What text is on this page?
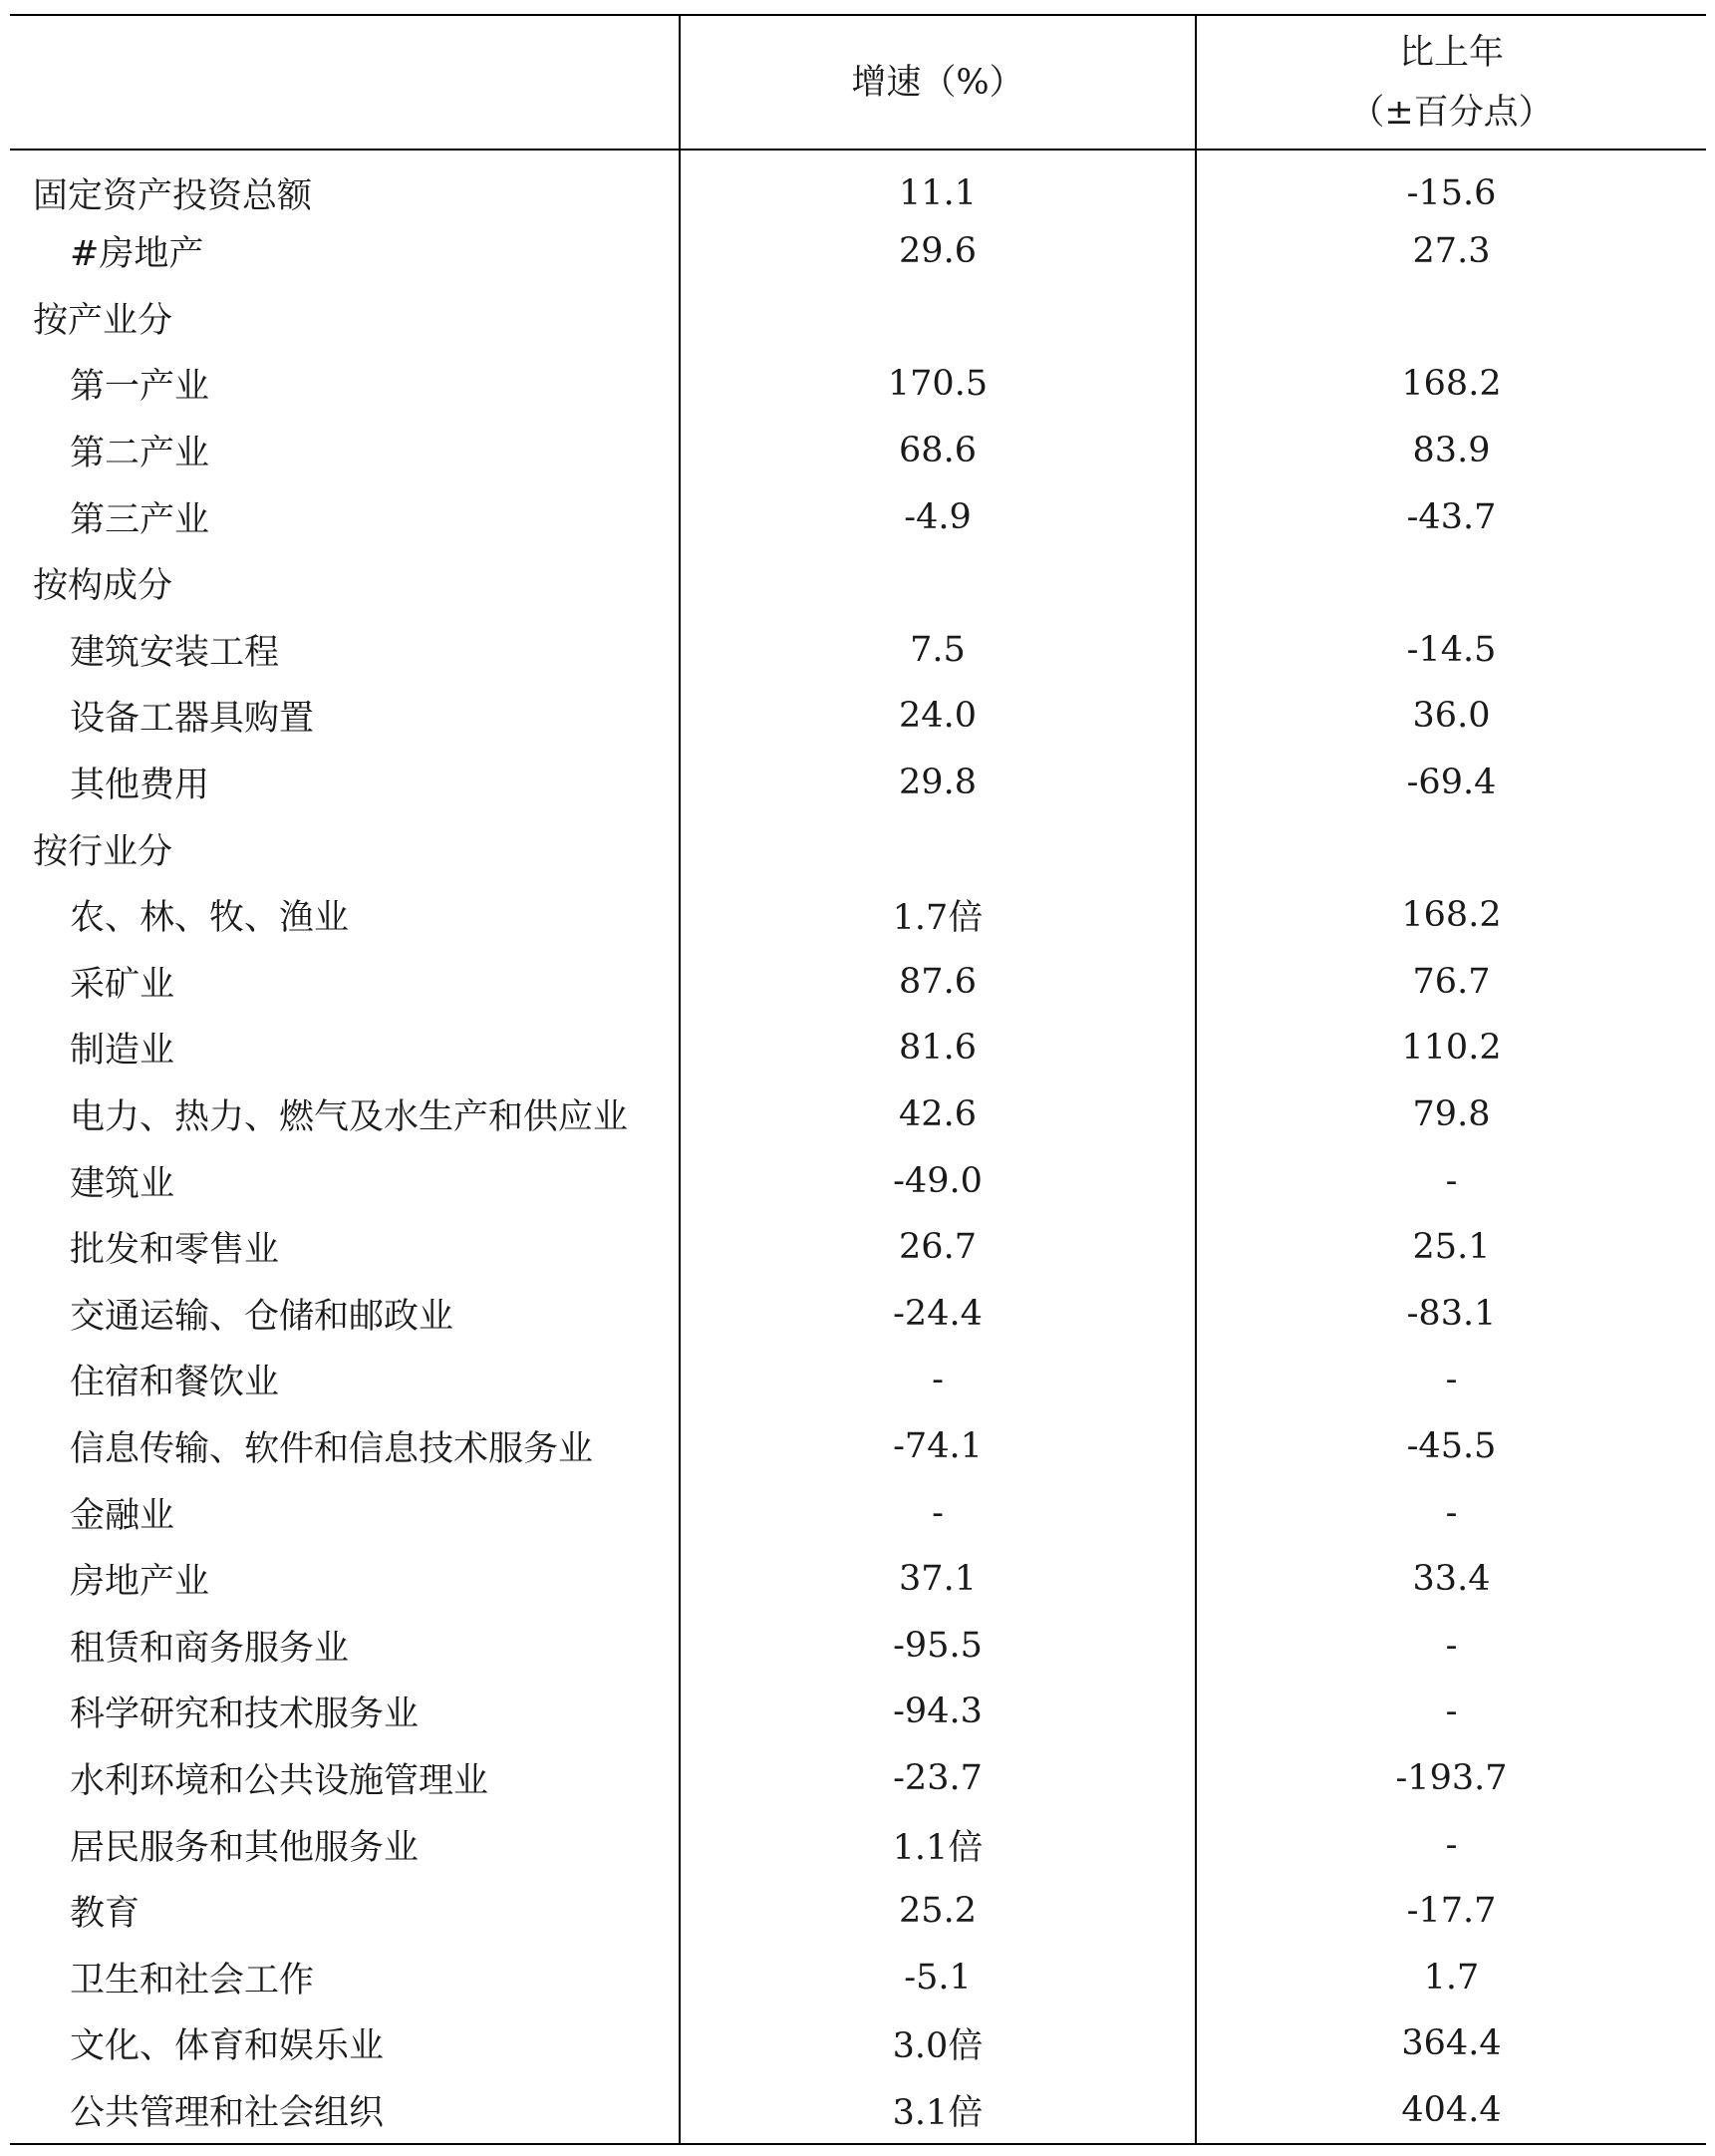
	增速（%）	比上年
（±百分点）

固定资产投资总额	11.1	-15.6
#房地产	29.6	27.3
按产业分		
第一产业	170.5	168.2
第二产业	68.6	83.9
第三产业	-4.9	-43.7
按构成分		
建筑安装工程	7.5	-14.5
设备工器具购置	24.0	36.0
其他费用	29.8	-69.4
按行业分		
农、林、牧、渔业	1.7倍	168.2
采矿业	87.6	76.7
制造业	81.6	110.2
电力、热力、燃气及水生产和供应业	42.6	79.8
建筑业	-49.0	-
批发和零售业	26.7	25.1
交通运输、仓储和邮政业	-24.4	-83.1
住宿和餐饮业	-	-
信息传输、软件和信息技术服务业	-74.1	-45.5
金融业	-	-
房地产业	37.1	33.4
租赁和商务服务业	-95.5	-
科学研究和技术服务业	-94.3	-
水利环境和公共设施管理业	-23.7	-193.7
居民服务和其他服务业	1.1倍	-
教育	25.2	-17.7
卫生和社会工作	-5.1	1.7
文化、体育和娱乐业	3.0倍	364.4
公共管理和社会组织	3.1倍	404.4
